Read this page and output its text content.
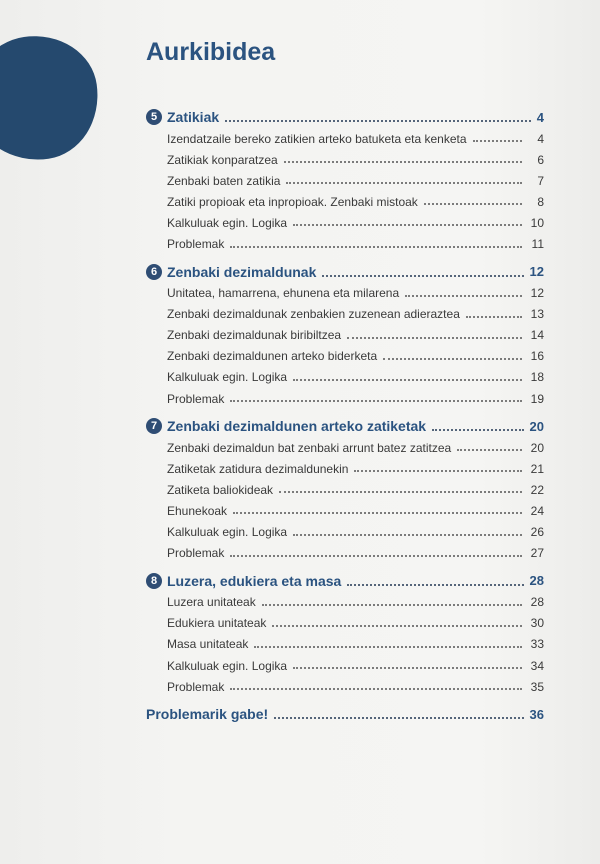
Aurkibidea
5 Zatikiak	4
Izendatzaile bereko zatikien arteko batuketa eta kenketa	4
Zatikiak konparatzea	6
Zenbaki baten zatikia	7
Zatiki propioak eta inpropioak. Zenbaki mistoak	8
Kalkuluak egin. Logika	10
Problemak	11
6 Zenbaki dezimaldunak	12
Unitatea, hamarrena, ehunena eta milarena	12
Zenbaki dezimaldunak zenbakien zuzenean adieraztea	13
Zenbaki dezimaldunak biribiltzea	14
Zenbaki dezimaldunen arteko biderketa	16
Kalkuluak egin. Logika	18
Problemak	19
7 Zenbaki dezimaldunen arteko zatiketak	20
Zenbaki dezimaldun bat zenbaki arrunt batez zatitzea	20
Zatiketak zatidura dezimaldunekin	21
Zatiketa baliokideak	22
Ehunekoak	24
Kalkuluak egin. Logika	26
Problemak	27
8 Luzera, edukiera eta masa	28
Luzera unitateak	28
Edukiera unitateak	30
Masa unitateak	33
Kalkuluak egin. Logika	34
Problemak	35
Problemarik gabe!	36
